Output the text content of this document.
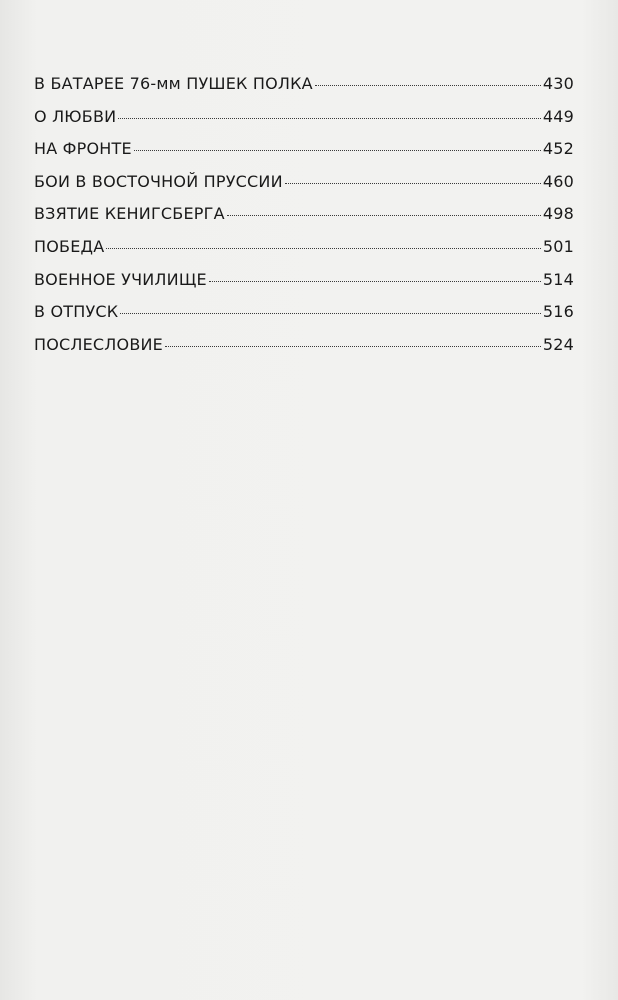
В БАТАРЕЕ 76-мм ПУШЕК ПОЛКА	430
О ЛЮБВИ	449
НА ФРОНТЕ	452
БОИ В ВОСТОЧНОЙ ПРУССИИ	460
ВЗЯТИЕ КЕНИГСБЕРГА	498
ПОБЕДА	501
ВОЕННОЕ УЧИЛИЩЕ	514
В ОТПУСК	516
ПОСЛЕСЛОВИЕ	524
